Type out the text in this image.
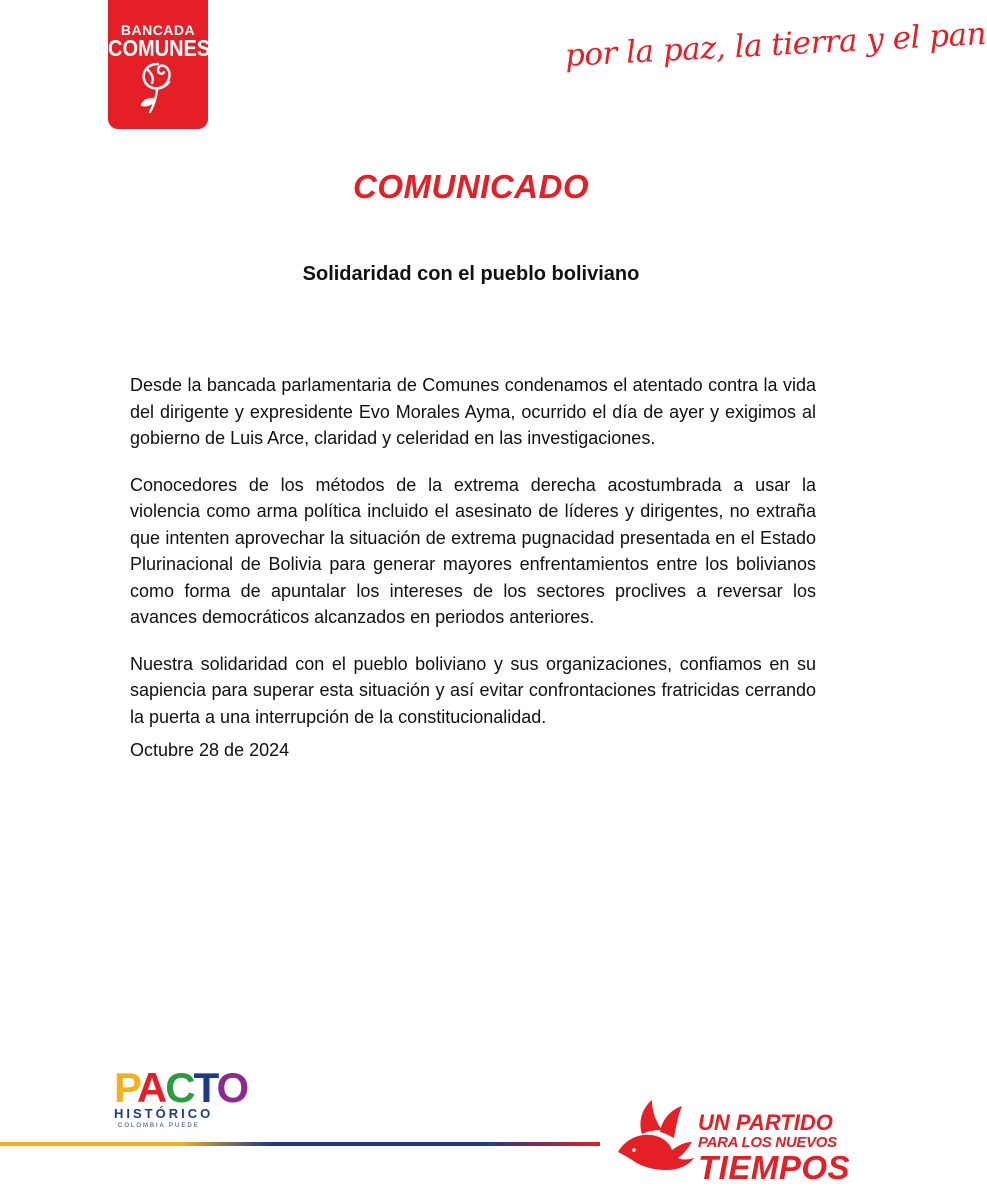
BANCADA
COMUNES	por la paz, la tierra y el pan
COMUNICADO
Solidaridad con el pueblo boliviano

Desde la bancada parlamentaria de Comunes condenamos el atentado contra la vida del dirigente y expresidente Evo Morales Ayma, ocurrido el día de ayer y exigimos al gobierno de Luis Arce, claridad y celeridad en las investigaciones.

Conocedores de los métodos de la extrema derecha acostumbrada a usar la violencia como arma política incluido el asesinato de líderes y dirigentes, no extraña que intenten aprovechar la situación de extrema pugnacidad presentada en el Estado Plurinacional de Bolivia para generar mayores enfrentamientos entre los bolivianos como forma de apuntalar los intereses de los sectores proclives a reversar los avances democráticos alcanzados en periodos anteriores.

Nuestra solidaridad con el pueblo boliviano y sus organizaciones, confiamos en su sapiencia para superar esta situación y así evitar confrontaciones fratricidas cerrando la puerta a una interrupción de la constitucionalidad.

Octubre 28 de 2024
PACTO
HISTÓRICO
COLOMBIA PUEDE	UN PARTIDO
PARA LOS NUEVOS
TIEMPOS
